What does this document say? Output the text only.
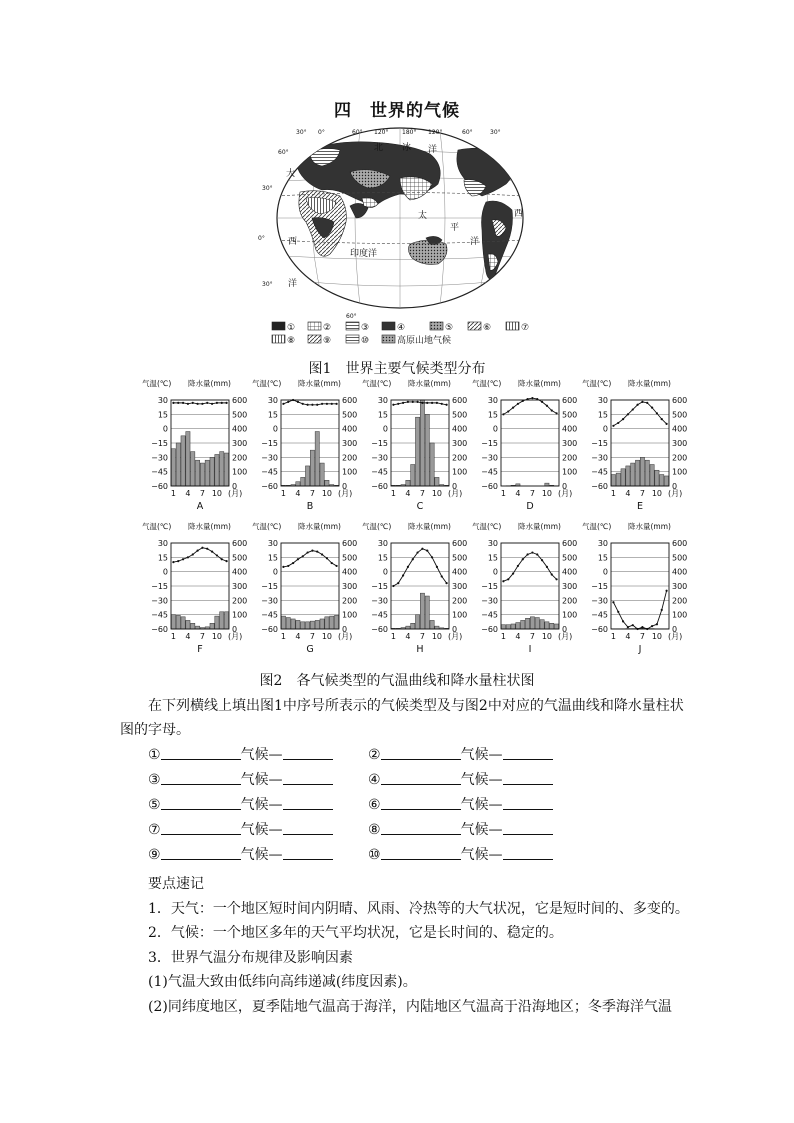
四　世界的气候
30° 0°	60° 120° 180° 120°	60°	30°
60°
30°
0°
30°
60°
北 冰 洋
大
太
平
洋
西
印度洋
洋
西
①	②	③	④	⑤	⑥	⑦
⑧	⑨	⑩	高原山地气候
图1　世界主要气候类型分布
气温(℃) 降水量(mm)
30	600
15	500
0	400
−15	300
−30	200
−45	100
−60	0
1 4 7 10 (月)
A
气温(℃) 降水量(mm)
30	600
15	500
0	400
−15	300
−30	200
−45	100
−60	0
1 4 7 10 (月)
B
气温(℃) 降水量(mm)
30	600
15	500
0	400
−15	300
−30	200
−45	100
−60	0
1 4 7 10 (月)
C
气温(℃) 降水量(mm)
30	600
15	500
0	400
−15	300
−30	200
−45	100
−60	0
1 4 7 10 (月)
D
气温(℃) 降水量(mm)
30	600
15	500
0	400
−15	300
−30	200
−45	100
−60	0
1 4 7 10 (月)
E
气温(℃) 降水量(mm)
30	600
15	500
0	400
−15	300
−30	200
−45	100
−60	0
1 4 7 10 (月)
F
气温(℃) 降水量(mm)
30	600
15	500
0	400
−15	300
−30	200
−45	100
−60	0
1 4 7 10 (月)
G
气温(℃) 降水量(mm)
30	600
15	500
0	400
−15	300
−30	200
−45	100
−60	0
1 4 7 10 (月)
H
气温(℃) 降水量(mm)
30	600
15	500
0	400
−15	300
−30	200
−45	100
−60	0
1 4 7 10 (月)
I
气温(℃) 降水量(mm)
30	600
15	500
0	400
−15	300
−30	200
−45	100
−60	0
1 4 7 10 (月)
J
图2　各气候类型的气温曲线和降水量柱状图
在下列横线上填出图1中序号所表示的气候类型及与图2中对应的气温曲线和降水量柱状图的字母。
①	气候—	②	气候—
③	气候—	④	气候—
⑤	气候—	⑥	气候—
⑦	气候—	⑧	气候—
⑨	气候—	⑩	气候—
要点速记
1．天气：一个地区短时间内阴晴、风雨、冷热等的大气状况，它是短时间的、多变的。
2．气候：一个地区多年的天气平均状况，它是长时间的、稳定的。
3．世界气温分布规律及影响因素
(1)气温大致由低纬向高纬递减(纬度因素)。
(2)同纬度地区，夏季陆地气温高于海洋，内陆地区气温高于沿海地区；冬季海洋气温
